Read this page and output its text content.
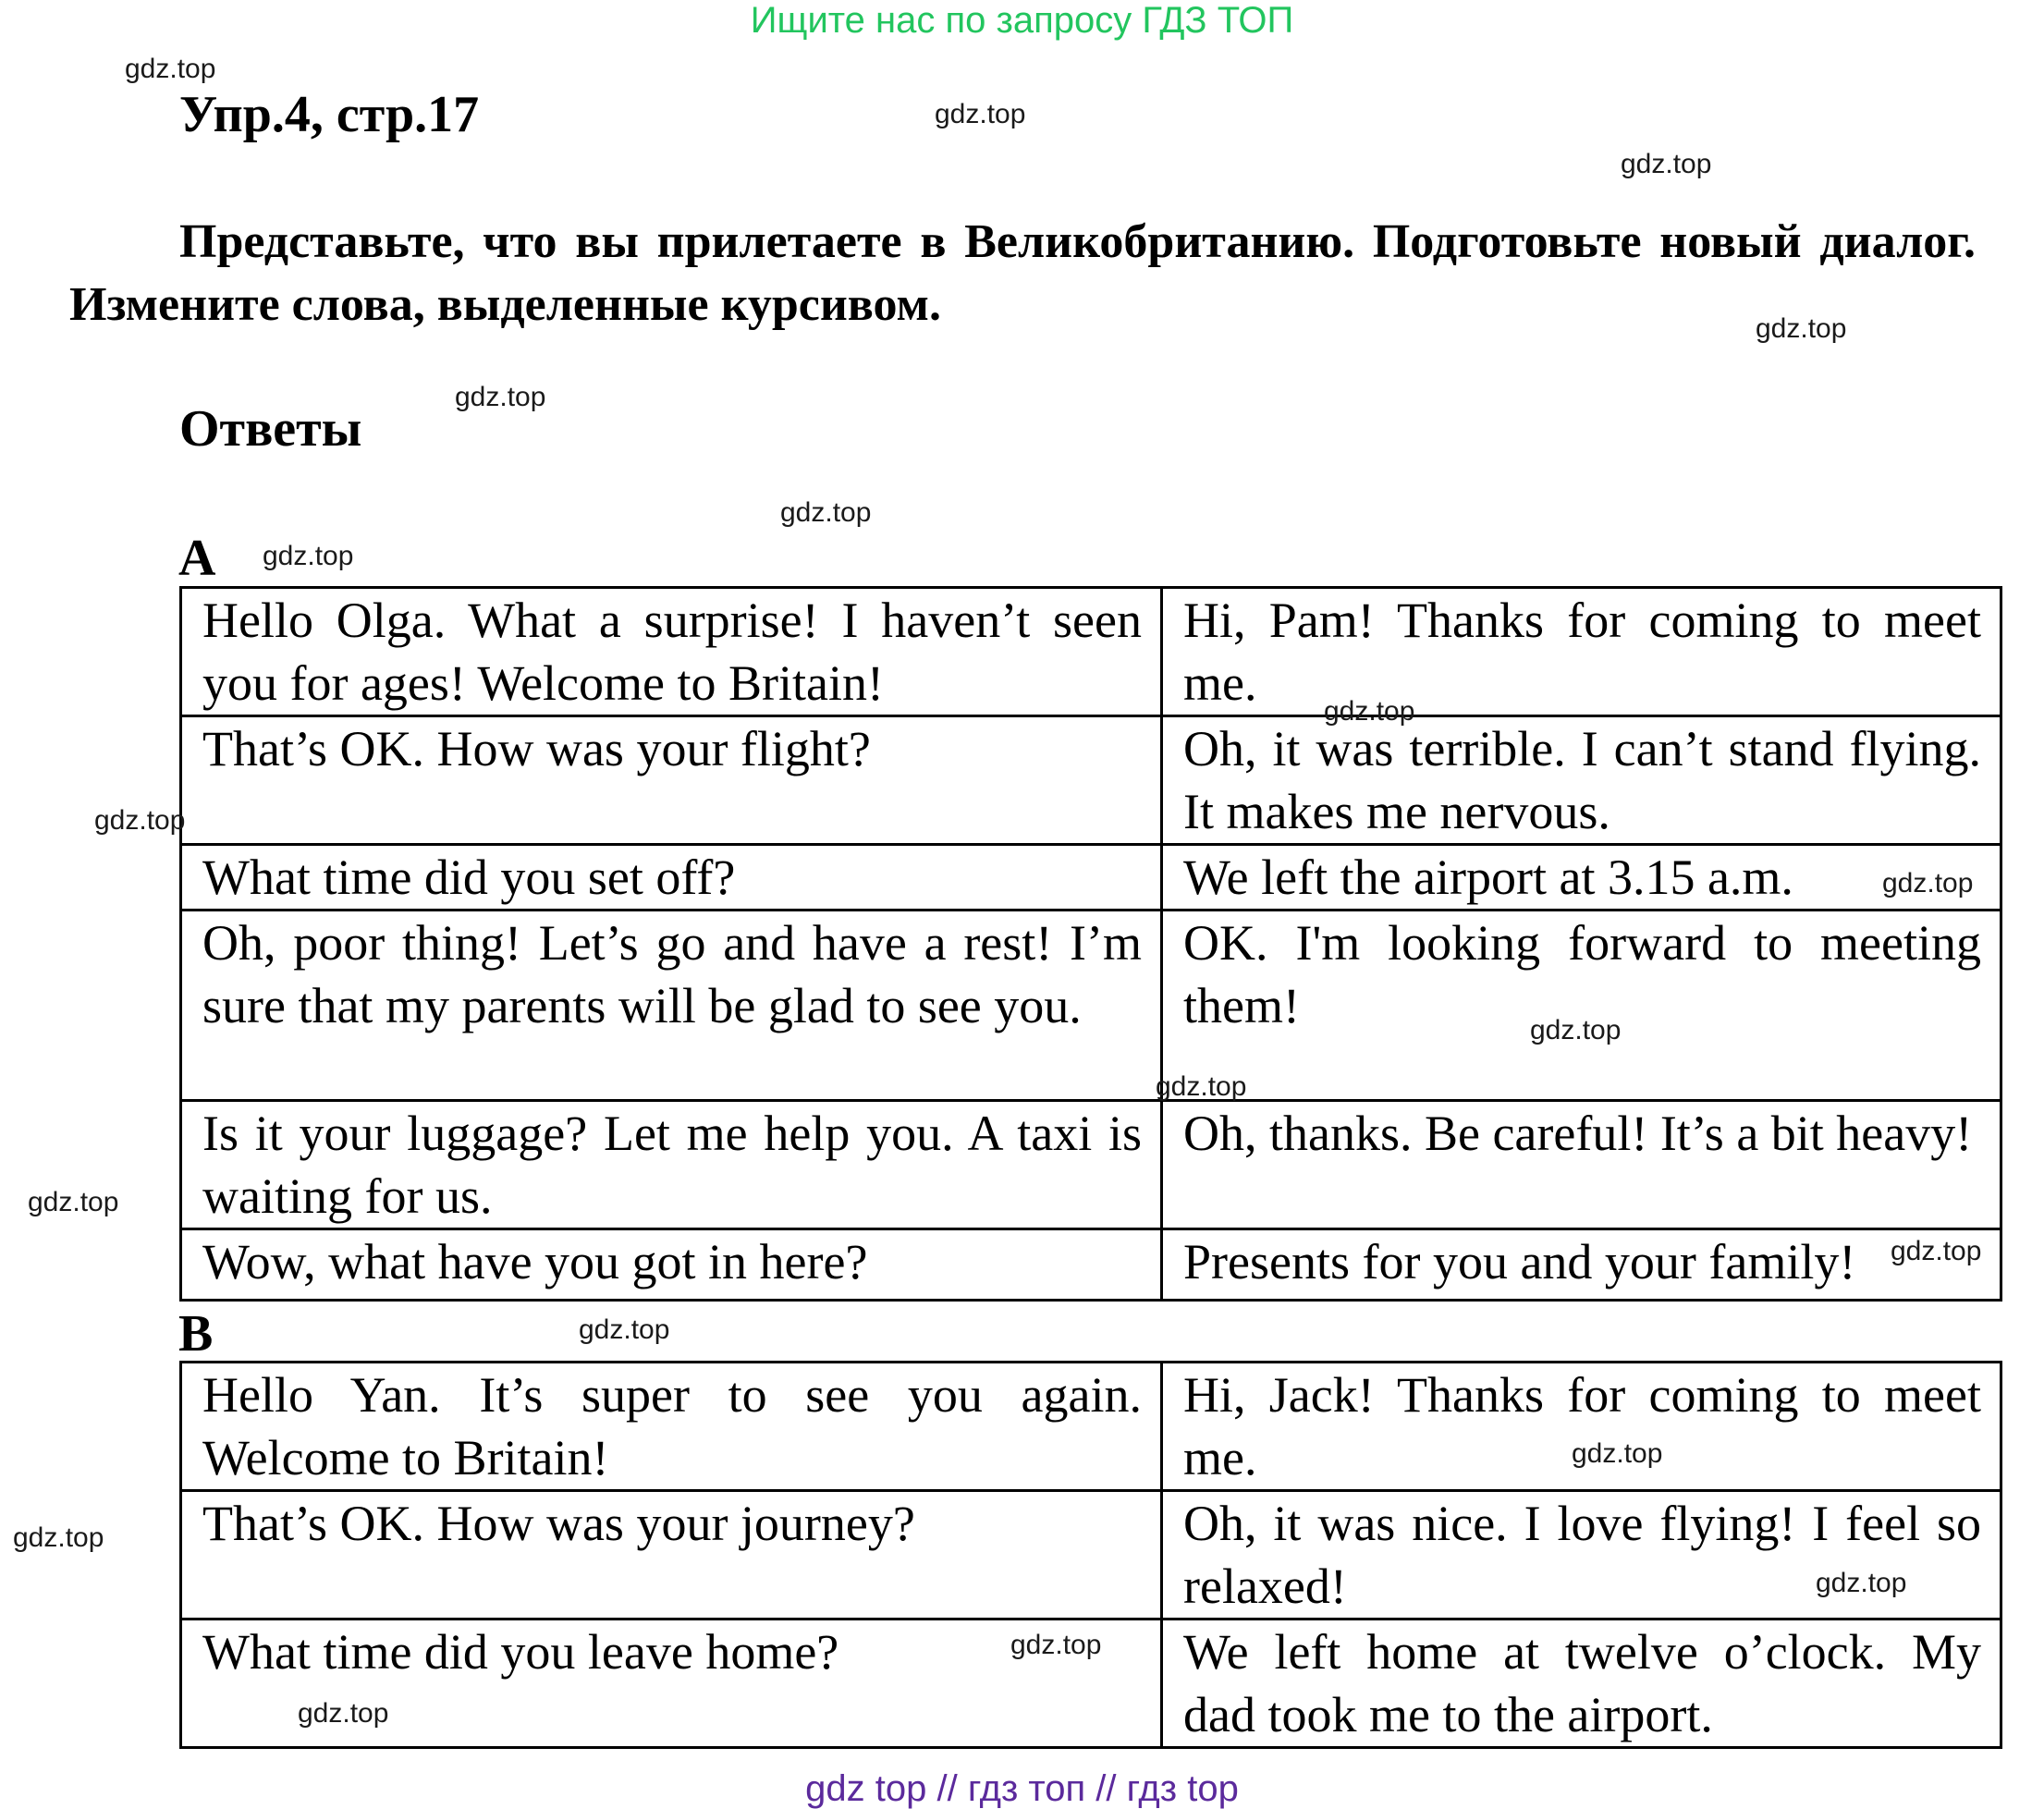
Ищите нас по запросу ГДЗ ТОП
Упр.4, стр.17
Представьте, что вы прилетаете в Великобританию. Подготовьте новый диалог. Измените слова, выделенные курсивом.
Ответы
A
Hello Olga. What a surprise! I haven’t seen you for ages! Welcome to Britain!	Hi, Pam! Thanks for coming to meet me.
That’s OK. How was your flight?	Oh, it was terrible. I can’t stand flying. It makes me nervous.
What time did you set off?	We left the airport at 3.15 a.m.
Oh, poor thing! Let’s go and have a rest! I’m sure that my parents will be glad to see you.	OK. I'm looking forward to meeting them!
Is it your luggage? Let me help you. A taxi is waiting for us.	Oh, thanks. Be careful! It’s a bit heavy!
Wow, what have you got in here?	Presents for you and your family!
B
Hello Yan. It’s super to see you again. Welcome to Britain!	Hi, Jack! Thanks for coming to meet me.
That’s OK. How was your journey?	Oh, it was nice. I love flying! I feel so relaxed!
What time did you leave home?	We left home at twelve o’clock. My dad took me to the airport.
gdz.top
gdz.top
gdz.top
gdz.top
gdz.top
gdz.top
gdz.top
gdz.top
gdz.top
gdz.top
gdz.top
gdz.top
gdz.top
gdz.top
gdz.top
gdz.top
gdz.top
gdz.top
gdz.top
gdz.top
gdz top // гдз топ // гдз top
